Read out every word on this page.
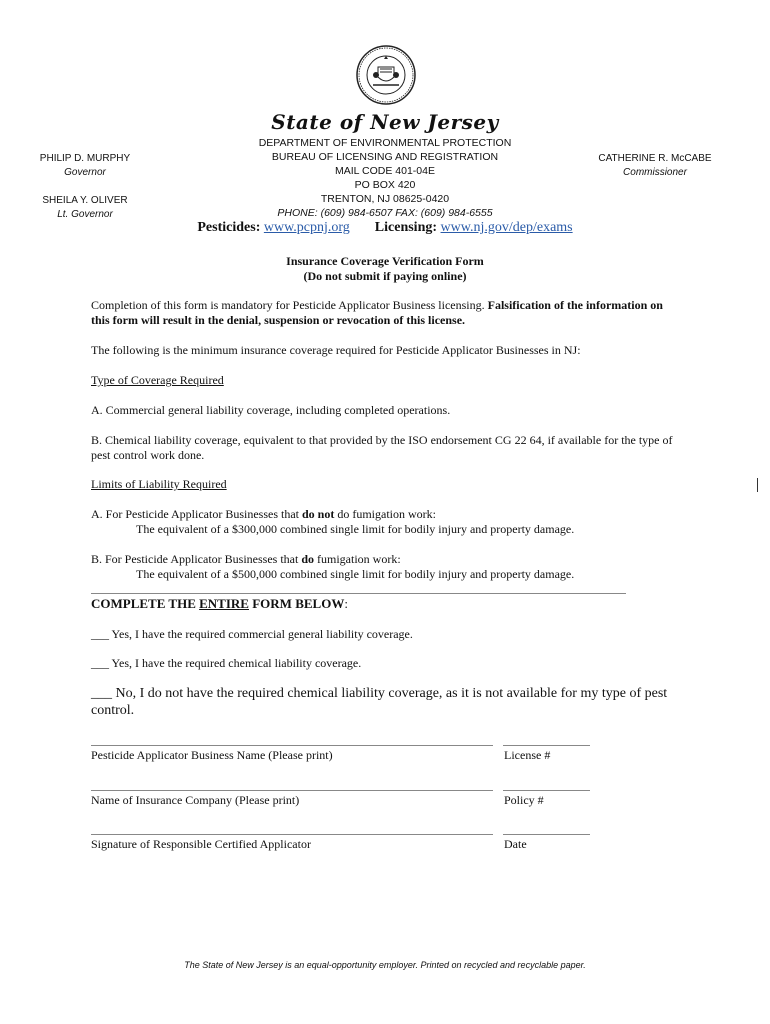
State of New Jersey
DEPARTMENT OF ENVIRONMENTAL PROTECTION
BUREAU OF LICENSING AND REGISTRATION
MAIL CODE 401-04E
PO BOX 420
TRENTON, NJ 08625-0420
PHONE: (609) 984-6507 FAX: (609) 984-6555
PHILIP D. MURPHY
Governor
SHEILA Y. OLIVER
Lt. Governor
CATHERINE R. McCABE
Commissioner
Pesticides: www.pcpnj.org Licensing: www.nj.gov/dep/exams
Insurance Coverage Verification Form
(Do not submit if paying online)
Completion of this form is mandatory for Pesticide Applicator Business licensing. Falsification of the information on this form will result in the denial, suspension or revocation of this license.
The following is the minimum insurance coverage required for Pesticide Applicator Businesses in NJ:
Type of Coverage Required
A. Commercial general liability coverage, including completed operations.
B. Chemical liability coverage, equivalent to that provided by the ISO endorsement CG 22 64, if available for the type of pest control work done.
Limits of Liability Required
A. For Pesticide Applicator Businesses that do not do fumigation work:
The equivalent of a $300,000 combined single limit for bodily injury and property damage.
B. For Pesticide Applicator Businesses that do fumigation work:
The equivalent of a $500,000 combined single limit for bodily injury and property damage.
COMPLETE THE ENTIRE FORM BELOW:
___ Yes, I have the required commercial general liability coverage.
___ Yes, I have the required chemical liability coverage.
___ No, I do not have the required chemical liability coverage, as it is not available for my type of pest control.
Pesticide Applicator Business Name (Please print)	License #
Name of Insurance Company (Please print)	Policy #
Signature of Responsible Certified Applicator	Date
The State of New Jersey is an equal-opportunity employer. Printed on recycled and recyclable paper.
